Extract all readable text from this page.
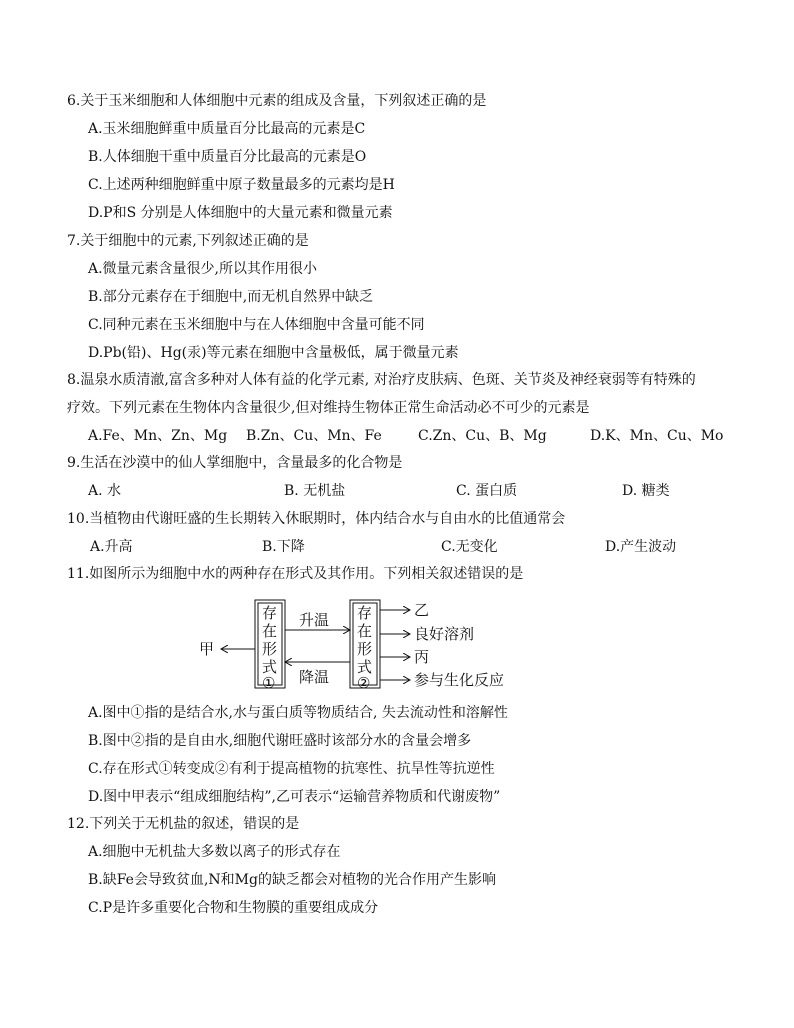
6.关于玉米细胞和人体细胞中元素的组成及含量，下列叙述正确的是
A.玉米细胞鲜重中质量百分比最高的元素是C
B.人体细胞干重中质量百分比最高的元素是O
C.上述两种细胞鲜重中原子数量最多的元素均是H
D.P和S 分别是人体细胞中的大量元素和微量元素
7.关于细胞中的元素,下列叙述正确的是
A.微量元素含量很少,所以其作用很小
B.部分元素存在于细胞中,而无机自然界中缺乏
C.同种元素在玉米细胞中与在人体细胞中含量可能不同
D.Pb(铅)、Hg(汞)等元素在细胞中含量极低，属于微量元素
8.温泉水质清澈,富含多种对人体有益的化学元素, 对治疗皮肤病、色斑、关节炎及神经衰弱等有特殊的
疗效。下列元素在生物体内含量很少,但对维持生物体正常生命活动必不可少的元素是
A.Fe、Mn、Zn、Mg B.Zn、Cu、Mn、Fe	C.Zn、Cu、B、Mg	D.K、Mn、Cu、Mo
9.生活在沙漠中的仙人掌细胞中，含量最多的化合物是
A. 水	B. 无机盐	C. 蛋白质	D. 糖类
10.当植物由代谢旺盛的生长期转入休眠期时，体内结合水与自由水的比值通常会
A.升高	B.下降	C.无变化	D.产生波动
11.如图所示为细胞中水的两种存在形式及其作用。下列相关叙述错误的是
甲
存
在
形
式
①
升温
降温
存
在
形
式
②
乙
良好溶剂
丙
参与生化反应
A.图中①指的是结合水,水与蛋白质等物质结合, 失去流动性和溶解性
B.图中②指的是自由水,细胞代谢旺盛时该部分水的含量会增多
C.存在形式①转变成②有利于提高植物的抗寒性、抗旱性等抗逆性
D.图中甲表示“组成细胞结构”,乙可表示“运输营养物质和代谢废物”
12.下列关于无机盐的叙述，错误的是
A.细胞中无机盐大多数以离子的形式存在
B.缺Fe会导致贫血,N和Mg的缺乏都会对植物的光合作用产生影响
C.P是许多重要化合物和生物膜的重要组成成分
